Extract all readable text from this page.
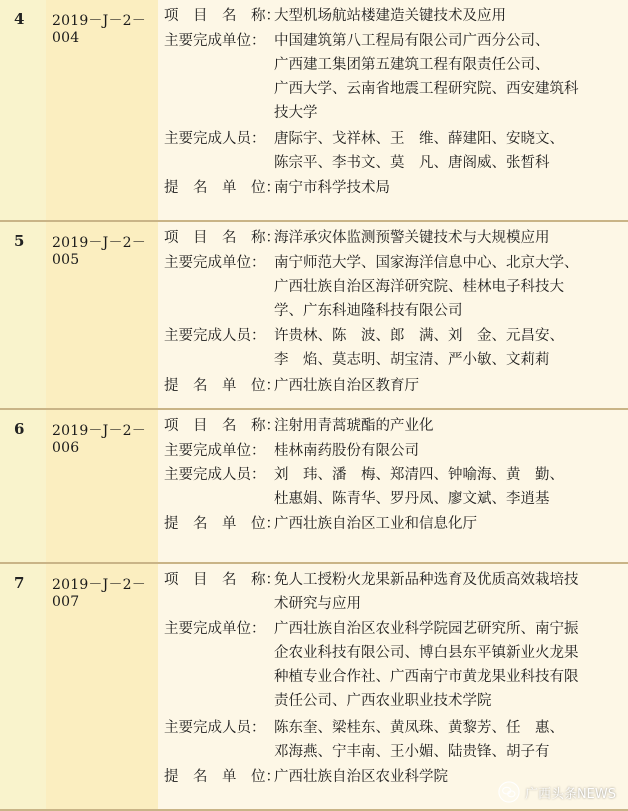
4 2019－J－2－004
项　目　名　称：
大型机场航站楼建造关键技术及应用
主要完成单位： 中国建筑第八工程局有限公司广西分公司、
广西建工集团第五建筑工程有限责任公司、
广西大学、云南省地震工程研究院、西安建筑科
技大学
主要完成人员： 唐际宇、戈祥林、王　维、薛建阳、安晓文、
陈宗平、李书文、莫　凡、唐阁威、张晳科
提　名　单　位：
南宁市科学技术局
5 2019－J－2－005
项　目　名　称：
海洋承灾体监测预警关键技术与大规模应用
主要完成单位： 南宁师范大学、国家海洋信息中心、北京大学、
广西壮族自治区海洋研究院、桂林电子科技大
学、广东科迪隆科技有限公司
主要完成人员： 许贵林、陈　波、郎　满、刘　金、元昌安、
李　焰、莫志明、胡宝清、严小敏、文莉莉
提　名　单　位：
广西壮族自治区教育厅
6 2019－J－2－006
项　目　名　称：
注射用青蒿琥酯的产业化
主要完成单位： 桂林南药股份有限公司
主要完成人员： 刘　玮、潘　梅、郑清四、钟喻海、黄　勤、
杜惠娟、陈青华、罗丹凤、廖文斌、李逍基
提　名　单　位：
广西壮族自治区工业和信息化厅
7 2019－J－2－007
项　目　名　称：
免人工授粉火龙果新品种选育及优质高效栽培技
术研究与应用
主要完成单位： 广西壮族自治区农业科学院园艺研究所、南宁振
企农业科技有限公司、博白县东平镇新业火龙果
种植专业合作社、广西南宁市黄龙果业科技有限
责任公司、广西农业职业技术学院
主要完成人员： 陈东奎、梁桂东、黄凤珠、黄黎芳、任　惠、
邓海燕、宁丰南、王小媚、陆贵锋、胡子有
提　名　单　位：
广西壮族自治区农业科学院
广西头条NEWS
